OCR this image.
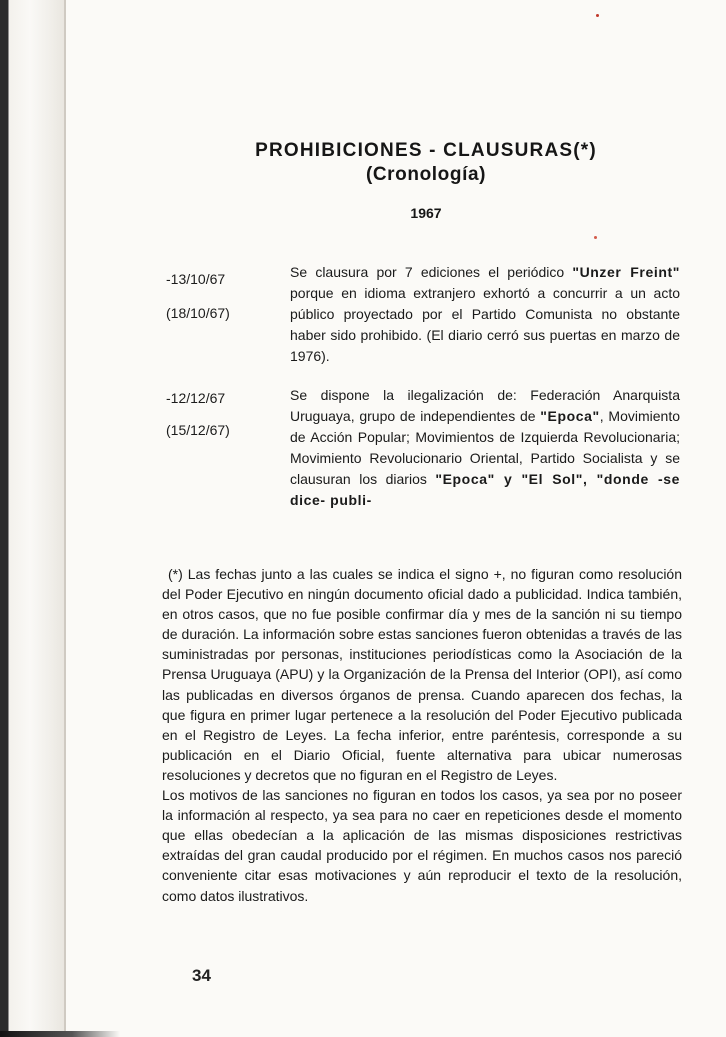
PROHIBICIONES - CLAUSURAS(*)
(Cronología)
1967
-13/10/67
(18/10/67)
Se clausura por 7 ediciones el periódico "Unzer Freint" porque en idioma extranjero exhortó a concurrir a un acto público proyectado por el Partido Comunista no obstante haber sido prohibido. (El diario cerró sus puertas en marzo de 1976).
-12/12/67
(15/12/67)
Se dispone la ilegalización de: Federación Anarquista Uruguaya, grupo de independientes de "Epoca", Movimiento de Acción Popular; Movimientos de Izquierda Revolucionaria; Movimiento Revolucionario Oriental, Partido Socialista y se clausuran los diarios "Epoca" y "El Sol", "donde -se dice- publi-

(*) Las fechas junto a las cuales se indica el signo +, no figuran como resolución del Poder Ejecutivo en ningún documento oficial dado a publicidad. Indica también, en otros casos, que no fue posible confirmar día y mes de la sanción ni su tiempo de duración. La información sobre estas sanciones fueron obtenidas a través de las suministradas por personas, instituciones periodísticas como la Asociación de la Prensa Uruguaya (APU) y la Organización de la Prensa del Interior (OPI), así como las publicadas en diversos órganos de prensa. Cuando aparecen dos fechas, la que figura en primer lugar pertenece a la resolución del Poder Ejecutivo publicada en el Registro de Leyes. La fecha inferior, entre paréntesis, corresponde a su publicación en el Diario Oficial, fuente alternativa para ubicar numerosas resoluciones y decretos que no figuran en el Registro de Leyes.

Los motivos de las sanciones no figuran en todos los casos, ya sea por no poseer la información al respecto, ya sea para no caer en repeticiones desde el momento que ellas obedecían a la aplicación de las mismas disposiciones restrictivas extraídas del gran caudal producido por el régimen. En muchos casos nos pareció conveniente citar esas motivaciones y aún reproducir el texto de la resolución, como datos ilustrativos.

34
